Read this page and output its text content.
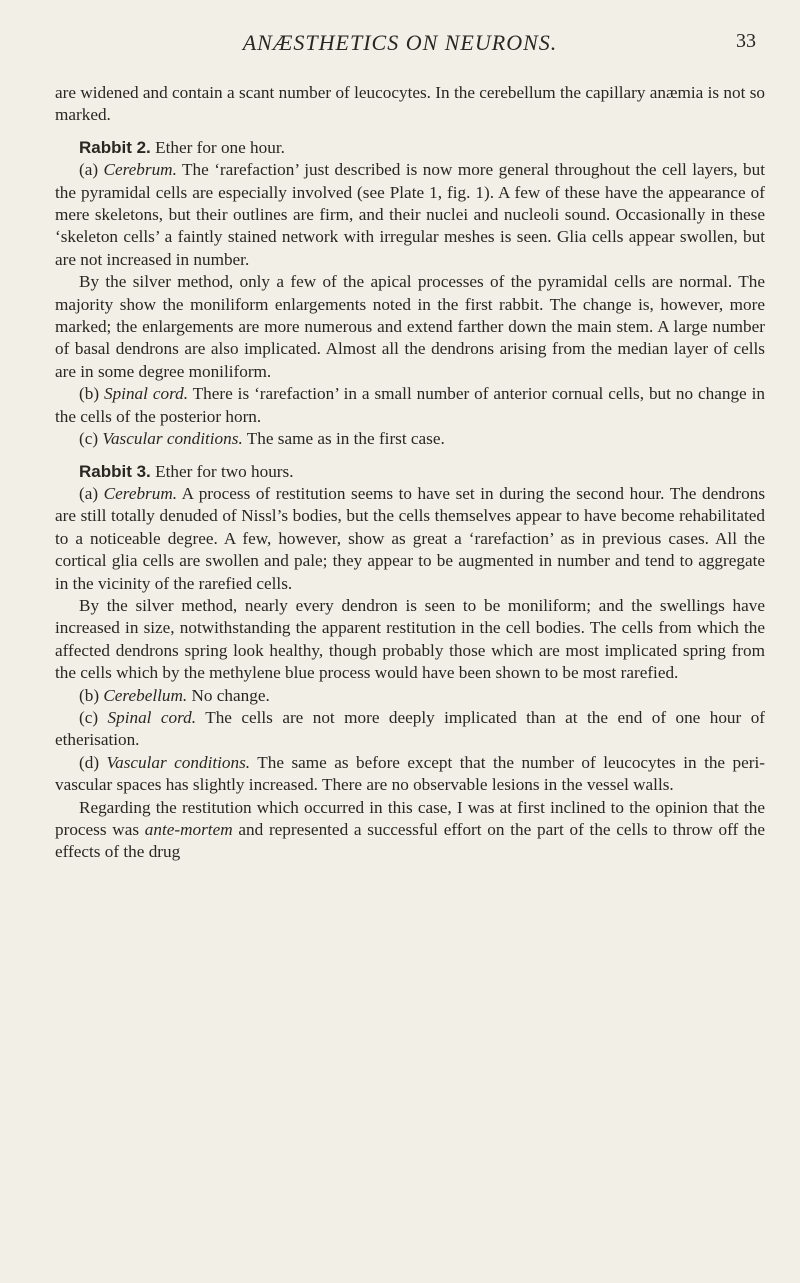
ANÆSTHETICS ON NEURONS.	33

are widened and contain a scant number of leucocytes. In the cerebellum the capillary anæmia is not so marked.

Rabbit 2. Ether for one hour.

(a) Cerebrum. The ‘rarefaction’ just described is now more general throughout the cell layers, but the pyramidal cells are especially involved (see Plate 1, fig. 1). A few of these have the appearance of mere skeletons, but their outlines are firm, and their nuclei and nucleoli sound. Occasionally in these ‘skeleton cells’ a faintly stained network with irregular meshes is seen. Glia cells appear swollen, but are not increased in number.

By the silver method, only a few of the apical processes of the pyramidal cells are normal. The majority show the moniliform enlargements noted in the first rabbit. The change is, however, more marked; the enlargements are more numerous and extend farther down the main stem. A large number of basal dendrons are also implicated. Almost all the dendrons arising from the median layer of cells are in some degree moniliform.

(b) Spinal cord. There is ‘rarefaction’ in a small number of anterior cornual cells, but no change in the cells of the posterior horn.

(c) Vascular conditions. The same as in the first case.

Rabbit 3. Ether for two hours.

(a) Cerebrum. A process of restitution seems to have set in during the second hour. The dendrons are still totally denuded of Nissl’s bodies, but the cells themselves appear to have become rehabilitated to a noticeable degree. A few, however, show as great a ‘rarefaction’ as in previous cases. All the cortical glia cells are swollen and pale; they appear to be augmented in number and tend to aggregate in the vicinity of the rarefied cells.

By the silver method, nearly every dendron is seen to be moniliform; and the swellings have increased in size, notwithstanding the apparent restitution in the cell bodies. The cells from which the affected dendrons spring look healthy, though probably those which are most implicated spring from the cells which by the methylene blue process would have been shown to be most rarefied.

(b) Cerebellum. No change.

(c) Spinal cord. The cells are not more deeply implicated than at the end of one hour of etherisation.

(d) Vascular conditions. The same as before except that the number of leucocytes in the peri-vascular spaces has slightly increased. There are no observable lesions in the vessel walls.

Regarding the restitution which occurred in this case, I was at first inclined to the opinion that the process was ante-mortem and represented a successful effort on the part of the cells to throw off the effects of the drug
